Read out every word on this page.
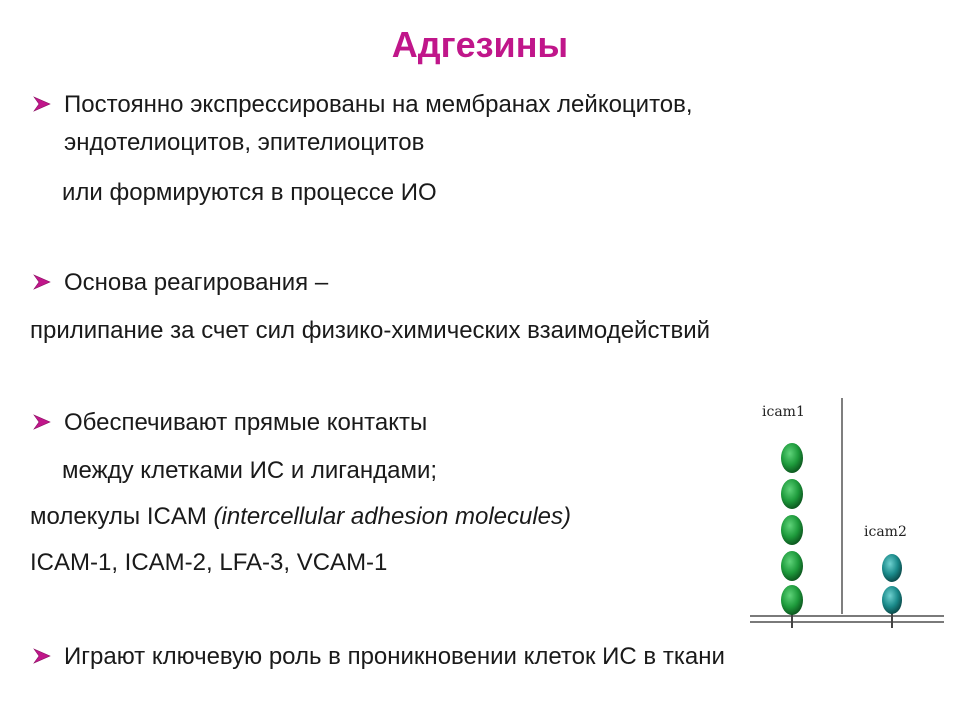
Адгезины
Постоянно экспрессированы на мембранах лейкоцитов,
эндотелиоцитов, эпителиоцитов
или формируются в процессе ИО
Основа реагирования –
прилипание за счет сил физико-химических взаимодействий
Обеспечивают прямые контакты
между клетками ИС и лигандами;
молекулы ICAM (intercellular adhesion molecules)
ICAM-1, ICAM-2, LFA-3, VCAM-1
Играют ключевую роль в проникновении клеток ИС в ткани
icam1
icam2
